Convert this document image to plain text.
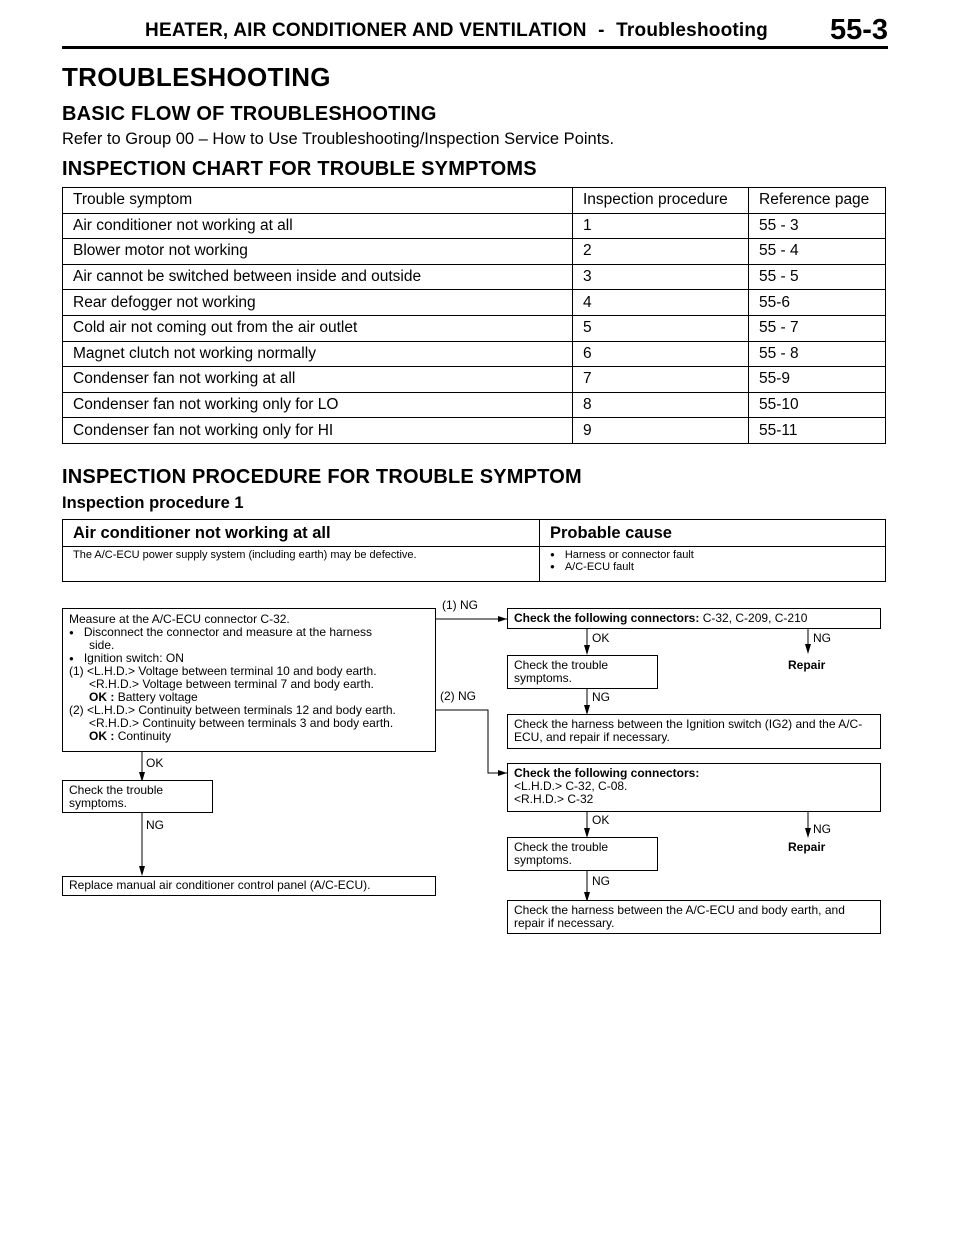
HEATER, AIR CONDITIONER AND VENTILATION - Troubleshooting 55-3
TROUBLESHOOTING
BASIC FLOW OF TROUBLESHOOTING
Refer to Group 00 – How to Use Troubleshooting/Inspection Service Points.
INSPECTION CHART FOR TROUBLE SYMPTOMS
Trouble symptom	Inspection procedure	Reference page
Air conditioner not working at all	1	55 - 3
Blower motor not working	2	55 - 4
Air cannot be switched between inside and outside	3	55 - 5
Rear defogger not working	4	55-6
Cold air not coming out from the air outlet	5	55 - 7
Magnet clutch not working normally	6	55 - 8
Condenser fan not working at all	7	55-9
Condenser fan not working only for LO	8	55-10
Condenser fan not working only for HI	9	55-11
INSPECTION PROCEDURE FOR TROUBLE SYMPTOM
Inspection procedure 1
Air conditioner not working at all	Probable cause
The A/C-ECU power supply system (including earth) may be defective.	● Harness or connector fault
● A/C-ECU fault
Measure at the A/C-ECU connector C-32.
● Disconnect the connector and measure at the harness
side.
● Ignition switch: ON
(1) <L.H.D.> Voltage between terminal 10 and body earth.
<R.H.D.> Voltage between terminal 7 and body earth.
OK : Battery voltage
(2) <L.H.D.> Continuity between terminals 12 and body earth.
<R.H.D.> Continuity between terminals 3 and body earth.
OK : Continuity
(1) NG
(2) NG
Check the following connectors: C-32, C-209, C-210
OK	NG
Repair
Check the trouble symptoms.
NG
Check the harness between the Ignition switch (IG2) and the A/C-ECU, and repair if necessary.
OK
Check the trouble symptoms.
NG
Check the following connectors:
<L.H.D.> C-32, C-08.
<R.H.D.> C-32
OK
NG
Repair
Check the trouble symptoms.
NG
Replace manual air conditioner control panel (A/C-ECU).
Check the harness between the A/C-ECU and body earth, and repair if necessary.
